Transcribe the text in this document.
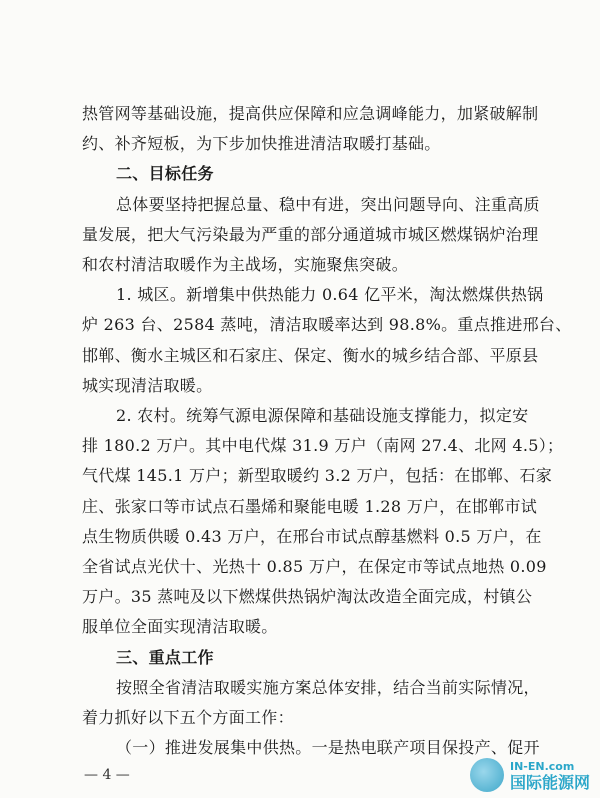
热管网等基础设施，提高供应保障和应急调峰能力，加紧破解制
约、补齐短板，为下步加快推进清洁取暖打基础。
二、目标任务
总体要坚持把握总量、稳中有进，突出问题导向、注重高质
量发展，把大气污染最为严重的部分通道城市城区燃煤锅炉治理
和农村清洁取暖作为主战场，实施聚焦突破。
1. 城区。新增集中供热能力 0.64 亿平米，淘汰燃煤供热锅
炉 263 台、2584 蒸吨，清洁取暖率达到 98.8%。重点推进邢台、
邯郸、衡水主城区和石家庄、保定、衡水的城乡结合部、平原县
城实现清洁取暖。
2. 农村。统筹气源电源保障和基础设施支撑能力，拟定安
排 180.2 万户。其中电代煤 31.9 万户（南网 27.4、北网 4.5）；
气代煤 145.1 万户；新型取暖约 3.2 万户，包括：在邯郸、石家
庄、张家口等市试点石墨烯和聚能电暖 1.28 万户，在邯郸市试
点生物质供暖 0.43 万户，在邢台市试点醇基燃料 0.5 万户，在
全省试点光伏十、光热十 0.85 万户，在保定市等试点地热 0.09
万户。35 蒸吨及以下燃煤供热锅炉淘汰改造全面完成，村镇公
服单位全面实现清洁取暖。
三、重点工作
按照全省清洁取暖实施方案总体安排，结合当前实际情况，
着力抓好以下五个方面工作：
（一）推进发展集中供热。一是热电联产项目保投产、促开
— 4 —
IN-EN.com
国际能源网
